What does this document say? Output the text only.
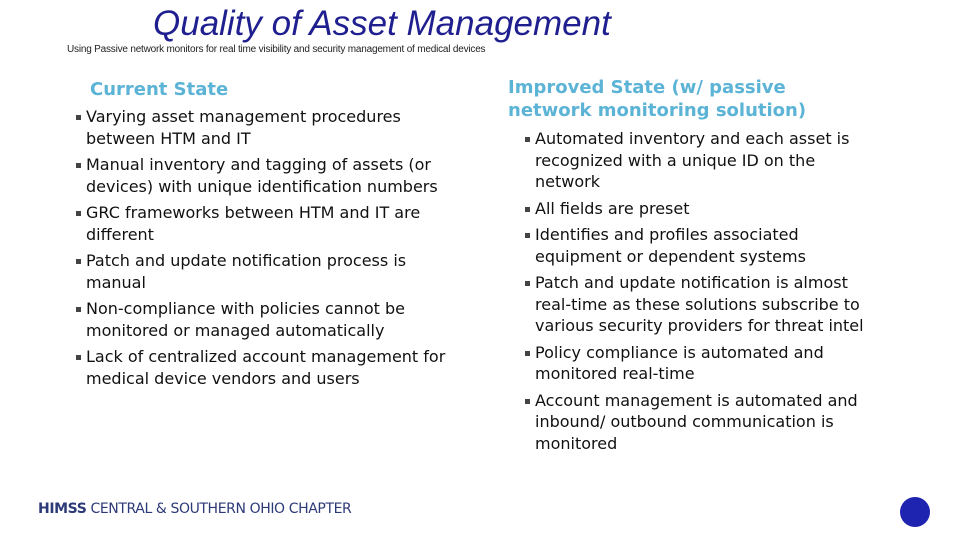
Quality of Asset Management
Using Passive network monitors for real time visibility and security management of medical devices
Current State
Varying asset management procedures between HTM and IT
Manual inventory and tagging of assets (or devices) with unique identification numbers
GRC frameworks between HTM and IT are different
Patch and update notification process is manual
Non-compliance with policies cannot be monitored or managed automatically
Lack of centralized account management for medical device vendors and users
Improved State (w/ passive network monitoring solution)
Automated inventory and each asset is recognized with a unique ID on the network
All fields are preset
Identifies and profiles associated equipment or dependent systems
Patch and update notification is almost real-time as these solutions subscribe to various security providers for threat intel
Policy compliance is automated and monitored real-time
Account management is automated and inbound/ outbound communication is monitored
HIMSS CENTRAL & SOUTHERN OHIO CHAPTER
